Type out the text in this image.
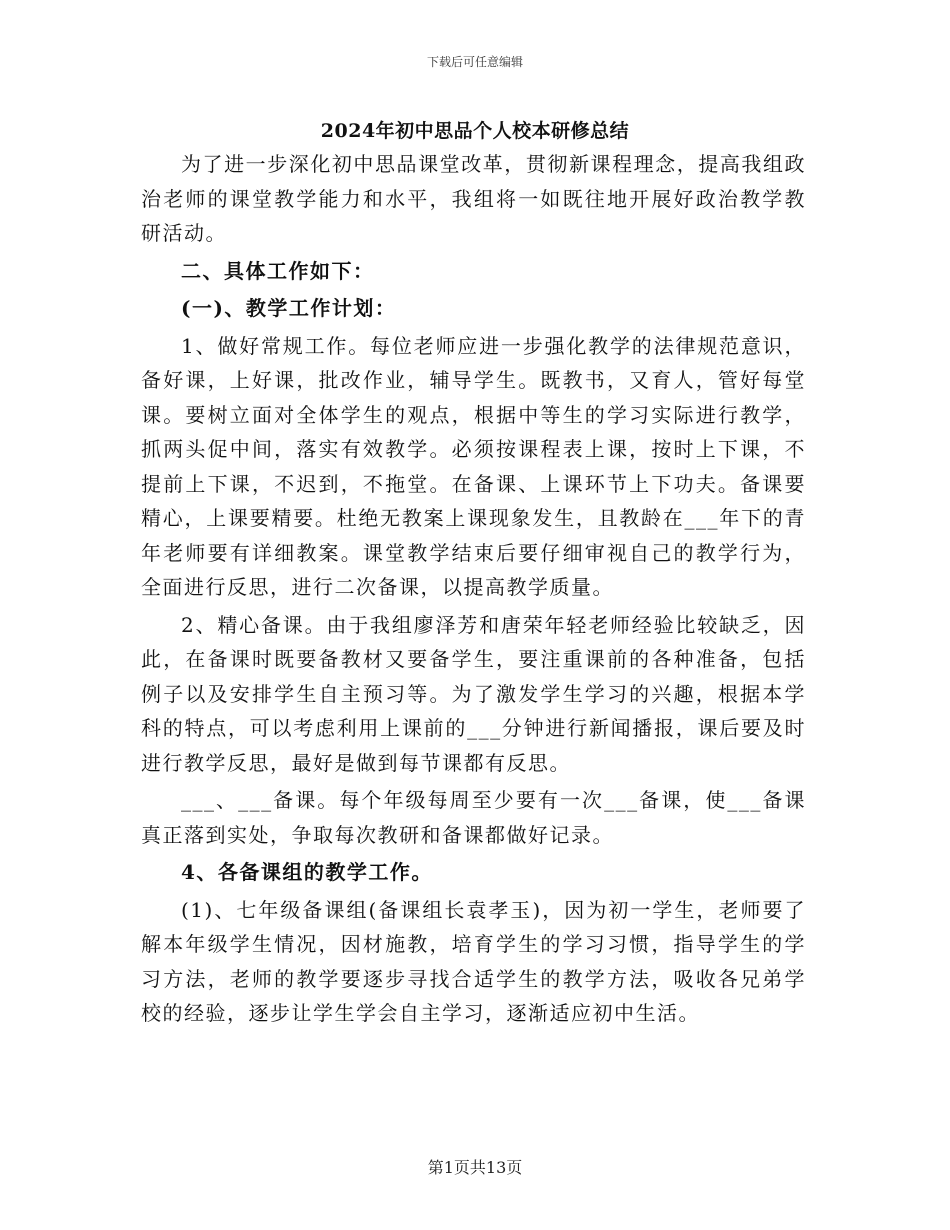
下载后可任意编辑
2024年初中思品个人校本研修总结

为了进一步深化初中思品课堂改革，贯彻新课程理念，提高我组政治老师的课堂教学能力和水平，我组将一如既往地开展好政治教学教研活动。

二、具体工作如下：

(一)、教学工作计划：

1、做好常规工作。每位老师应进一步强化教学的法律规范意识，备好课，上好课，批改作业，辅导学生。既教书，又育人，管好每堂课。要树立面对全体学生的观点，根据中等生的学习实际进行教学，抓两头促中间，落实有效教学。必须按课程表上课，按时上下课，不提前上下课，不迟到，不拖堂。在备课、上课环节上下功夫。备课要精心，上课要精要。杜绝无教案上课现象发生，且教龄在___年下的青年老师要有详细教案。课堂教学结束后要仔细审视自己的教学行为，全面进行反思，进行二次备课，以提高教学质量。

2、精心备课。由于我组廖泽芳和唐荣年轻老师经验比较缺乏，因此，在备课时既要备教材又要备学生，要注重课前的各种准备，包括例子以及安排学生自主预习等。为了激发学生学习的兴趣，根据本学科的特点，可以考虑利用上课前的___分钟进行新闻播报，课后要及时进行教学反思，最好是做到每节课都有反思。

___、___备课。每个年级每周至少要有一次___备课，使___备课真正落到实处，争取每次教研和备课都做好记录。

4、各备课组的教学工作。

(1)、七年级备课组(备课组长袁孝玉)，因为初一学生，老师要了解本年级学生情况，因材施教，培育学生的学习习惯，指导学生的学习方法，老师的教学要逐步寻找合适学生的教学方法，吸收各兄弟学校的经验，逐步让学生学会自主学习，逐渐适应初中生活。

第1页共13页
